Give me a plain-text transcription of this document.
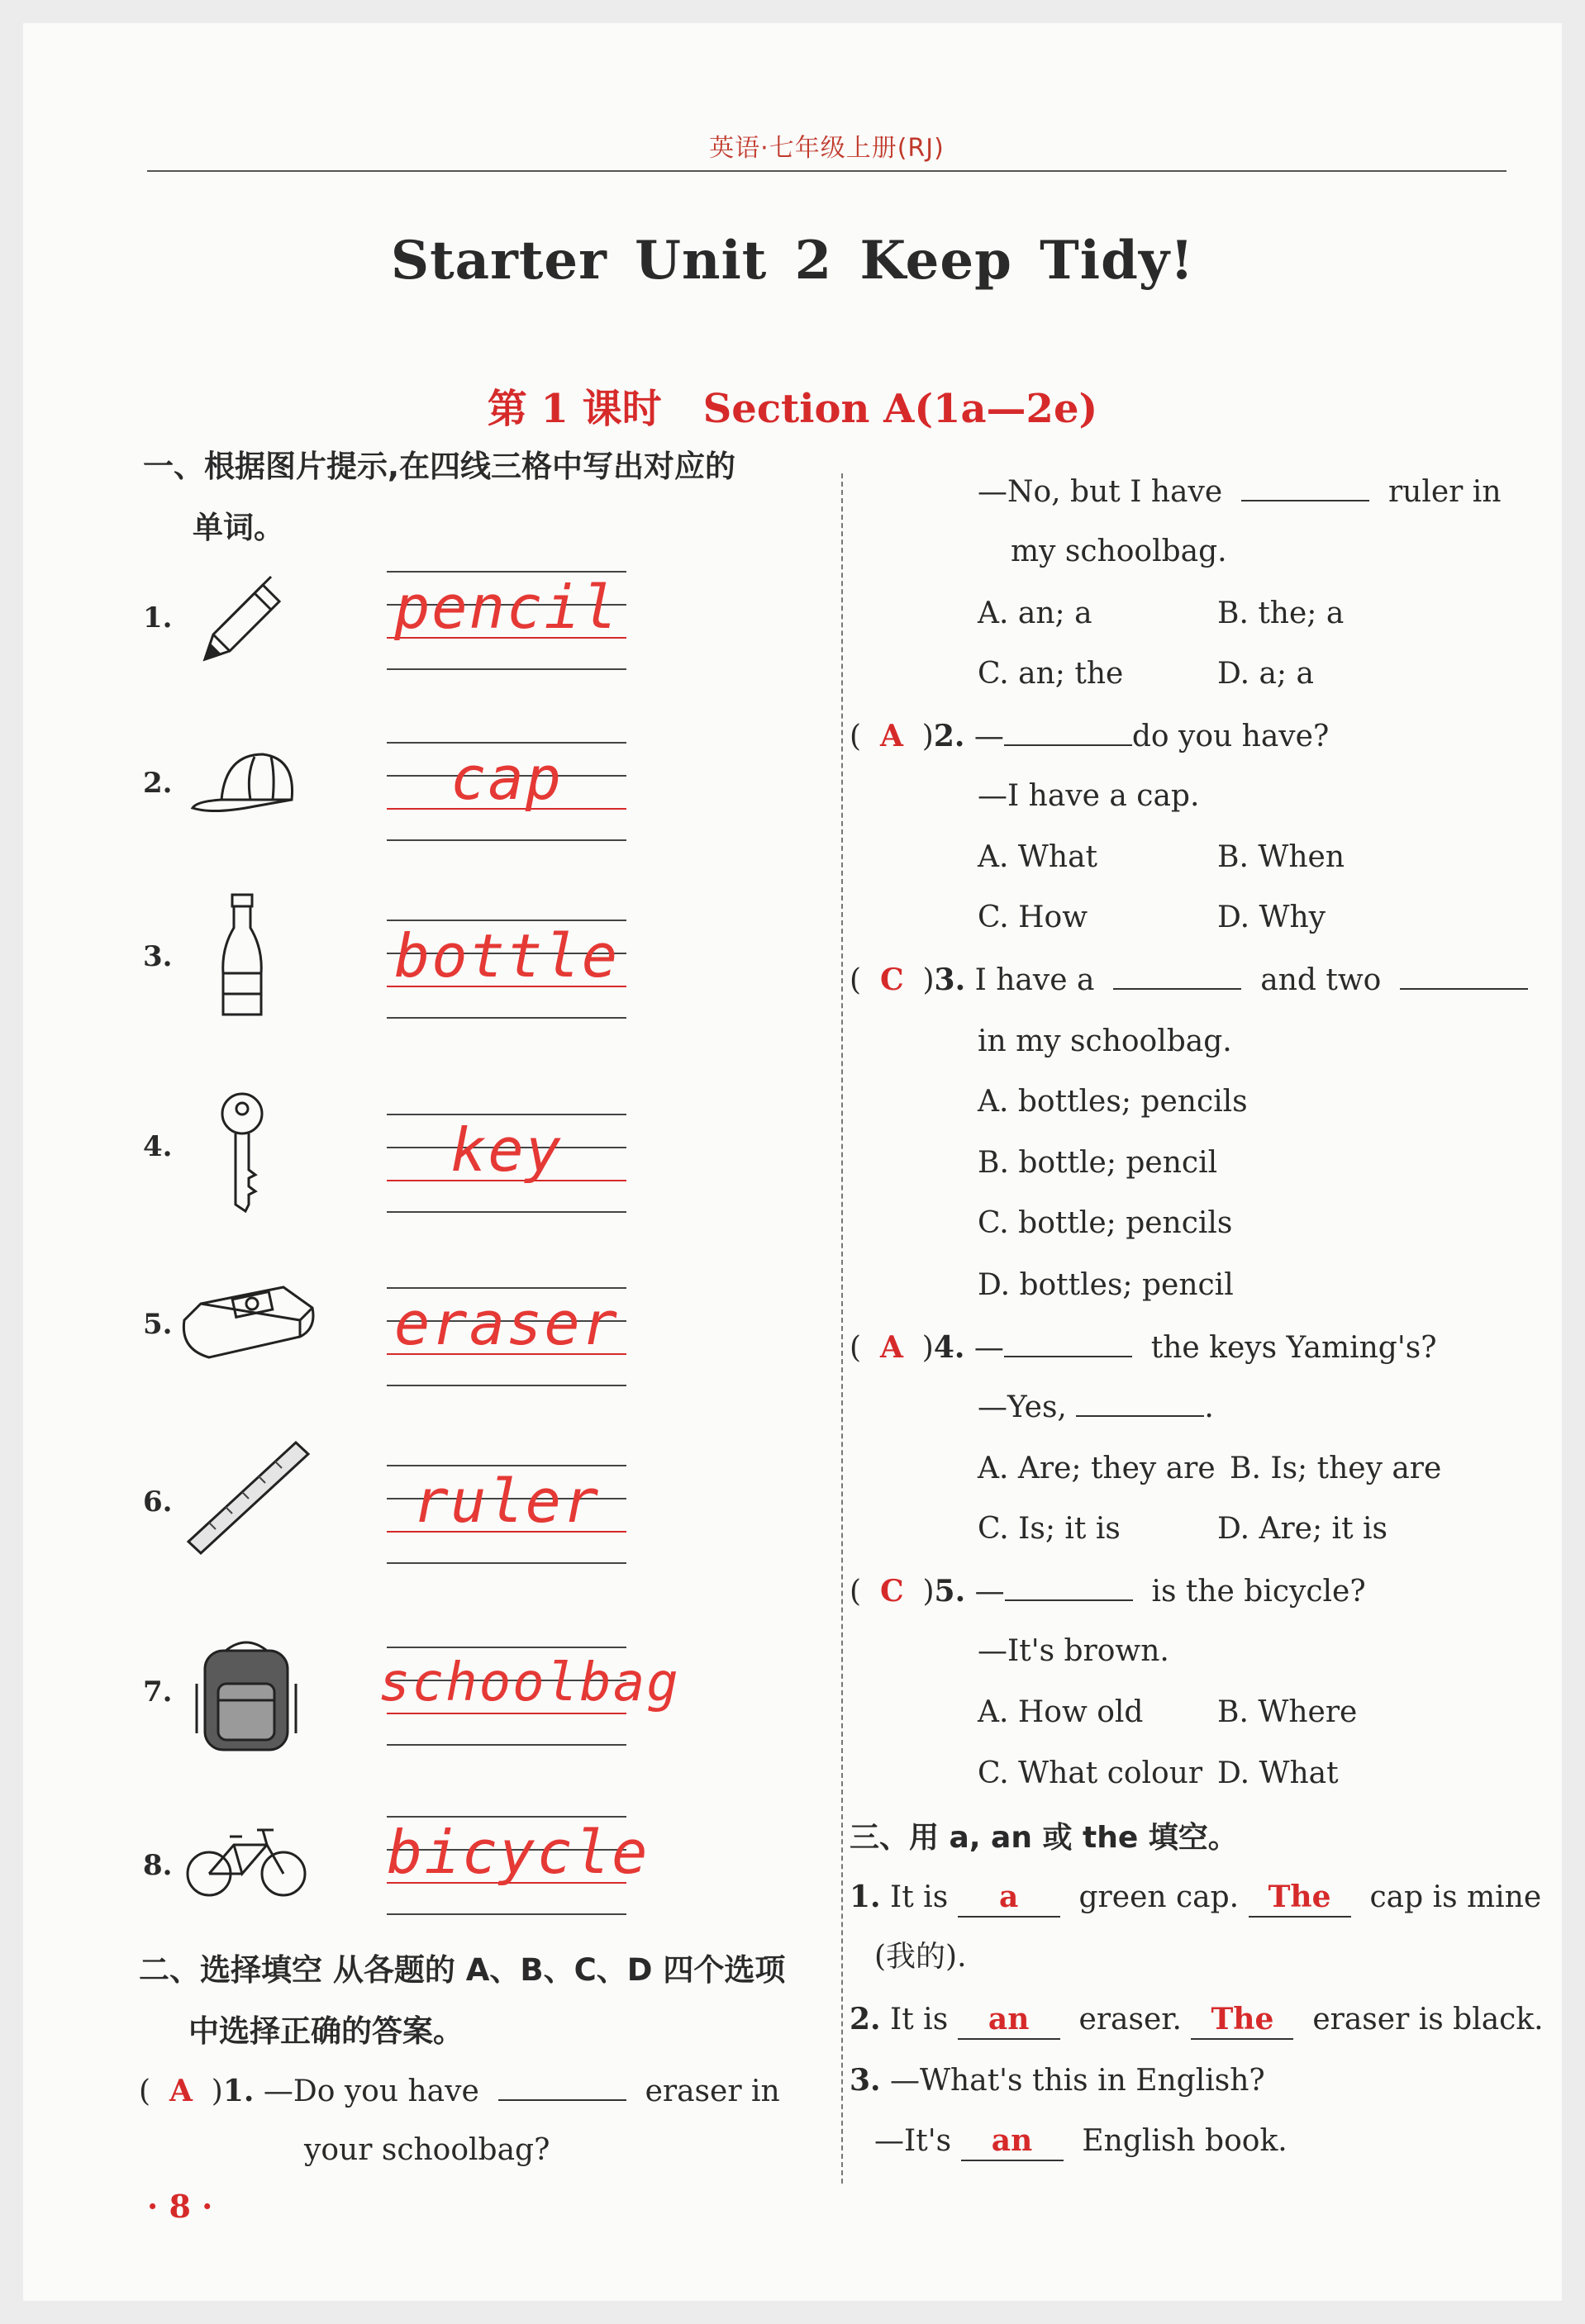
英语·七年级上册(RJ)
Starter Unit 2 Keep Tidy!
第 1 课时 Section A(1a—2e)
一、根据图片提示,在四线三格中写出对应的
单词。
1.	pencil
2.	cap
3.	bottle
4.	key
5.	eraser
6.	ruler
7.	schoolbag
8.	bicycle
二、选择填空 从各题的 A、B、C、D 四个选项
中选择正确的答案。
( A )1. —Do you have	eraser in
your schoolbag?
—No, but I have	ruler in
my schoolbag.
A. an; a	B. the; a
C. an; the	D. a; a
( A )2. —	do you have?
—I have a cap.
A. What	B. When
C. How	D. Why
( C )3. I have a	and two
in my schoolbag.
A. bottles; pencils
B. bottle; pencil
C. bottle; pencils
D. bottles; pencil
( A )4. —	the keys Yaming's?
—Yes,	.
A. Are; they are B. Is; they are
C. Is; it is	D. Are; it is
( C )5. —	is the bicycle?
—It's brown.
A. How old B. Where
C. What colour D. What
三、用 a, an 或 the 填空。
1. It is a green cap. The cap is mine
(我的).
2. It is an eraser. The eraser is black.
3. —What's this in English?
—It's an English book.
· 8 ·
